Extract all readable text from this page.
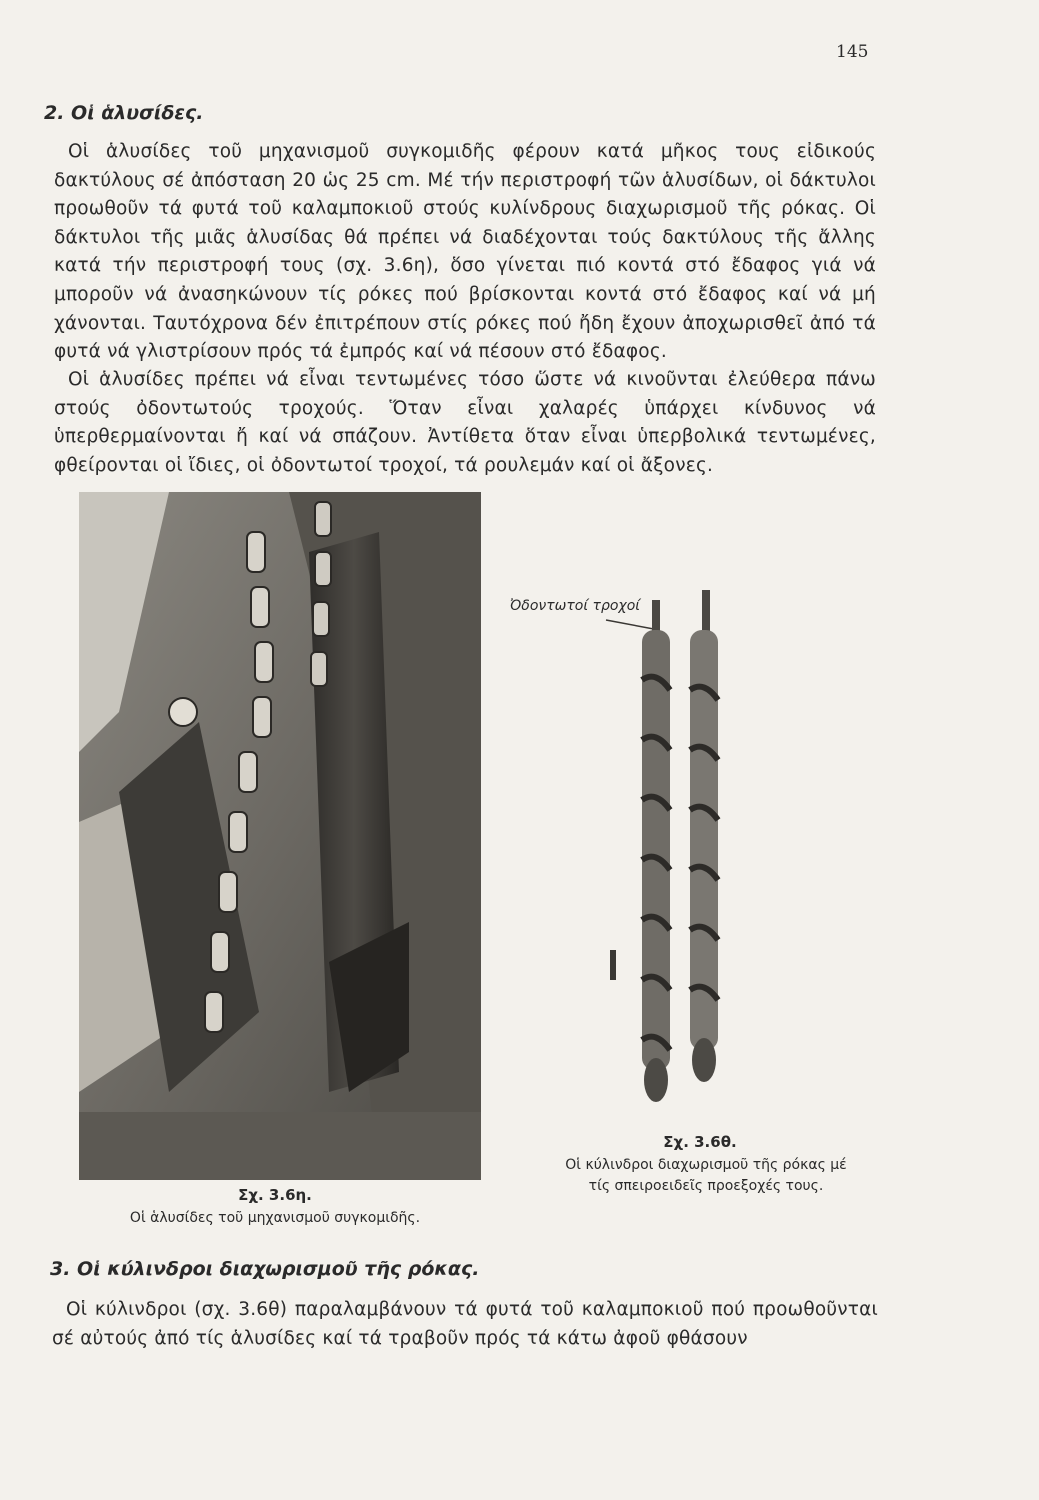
145
2. Οἱ ἁλυσίδες.

Οἱ ἁλυσίδες τοῦ μηχανισμοῦ συγκομιδῆς φέρουν κατά μῆκος τους εἰδικούς δακτύλους σέ ἀπόσταση 20 ὡς 25 cm. Μέ τήν περιστροφή τῶν ἁλυσίδων, οἱ δάκτυλοι προωθοῦν τά φυτά τοῦ καλαμποκιοῦ στούς κυλίνδρους διαχωρισμοῦ τῆς ρόκας. Οἱ δάκτυλοι τῆς μιᾶς ἁλυσίδας θά πρέπει νά διαδέχονται τούς δακτύλους τῆς ἄλλης κατά τήν περιστροφή τους (σχ. 3.6η), ὅσο γίνεται πιό κοντά στό ἔδαφος γιά νά μποροῦν νά ἀνασηκώνουν τίς ρόκες πού βρίσκονται κοντά στό ἔδαφος καί νά μή χάνονται. Ταυτόχρονα δέν ἐπιτρέπουν στίς ρόκες πού ἤδη ἔχουν ἀποχωρισθεῖ ἀπό τά φυτά νά γλιστρίσουν πρός τά ἐμπρός καί νά πέσουν στό ἔδαφος.

Οἱ ἁλυσίδες πρέπει νά εἶναι τεντωμένες τόσο ὥστε νά κινοῦνται ἐλεύθερα πάνω στούς ὀδοντωτούς τροχούς. Ὅταν εἶναι χαλαρές ὑπάρχει κίνδυνος νά ὑπερθερμαίνονται ἤ καί νά σπάζουν. Ἀντίθετα ὅταν εἶναι ὑπερβολικά τεντωμένες, φθείρονται οἱ ἴδιες, οἱ ὀδοντωτοί τροχοί, τά ρουλεμάν καί οἱ ἄξονες.

Ὀδοντωτοί τροχοί
Σχ. 3.6η.
Οἱ ἁλυσίδες τοῦ μηχανισμοῦ συγκομιδῆς.
Σχ. 3.6θ.
Οἱ κύλινδροι διαχωρισμοῦ τῆς ρόκας μέ τίς σπειροειδεῖς προεξοχές τους.
3. Οἱ κύλινδροι διαχωρισμοῦ τῆς ρόκας.

Οἱ κύλινδροι (σχ. 3.6θ) παραλαμβάνουν τά φυτά τοῦ καλαμποκιοῦ πού προωθοῦνται σέ αὐτούς ἀπό τίς ἁλυσίδες καί τά τραβοῦν πρός τά κάτω ἀφοῦ φθάσουν
